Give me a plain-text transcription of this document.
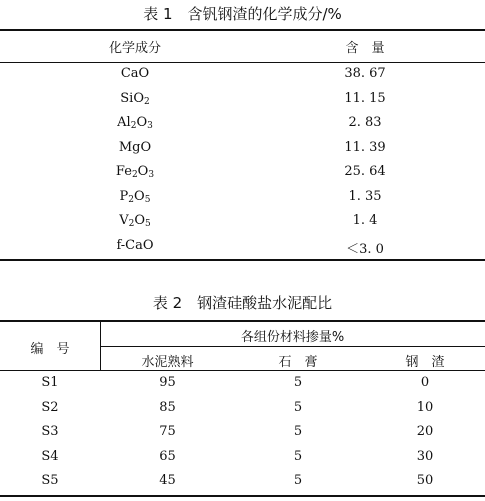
表 1　含钒钢渣的化学成分/%
化学成分	含　量
CaO	38. 67
SiO$_2$	11. 15
$Al_2O_3$	2. 83
MgO	11. 39
$Fe_2O_3$	25. 64
$P_2O_5$	1. 35
$V_2O_5$	1. 4
f-CaO	＜3. 0
表 2　钢渣硅酸盐水泥配比
编　号
各组份材料掺量%
水泥熟料	石　膏	钢　渣
S1	95	5	0
S2	85	5	10
S3	75	5	20
S4	65	5	30
S5	45	5	50
